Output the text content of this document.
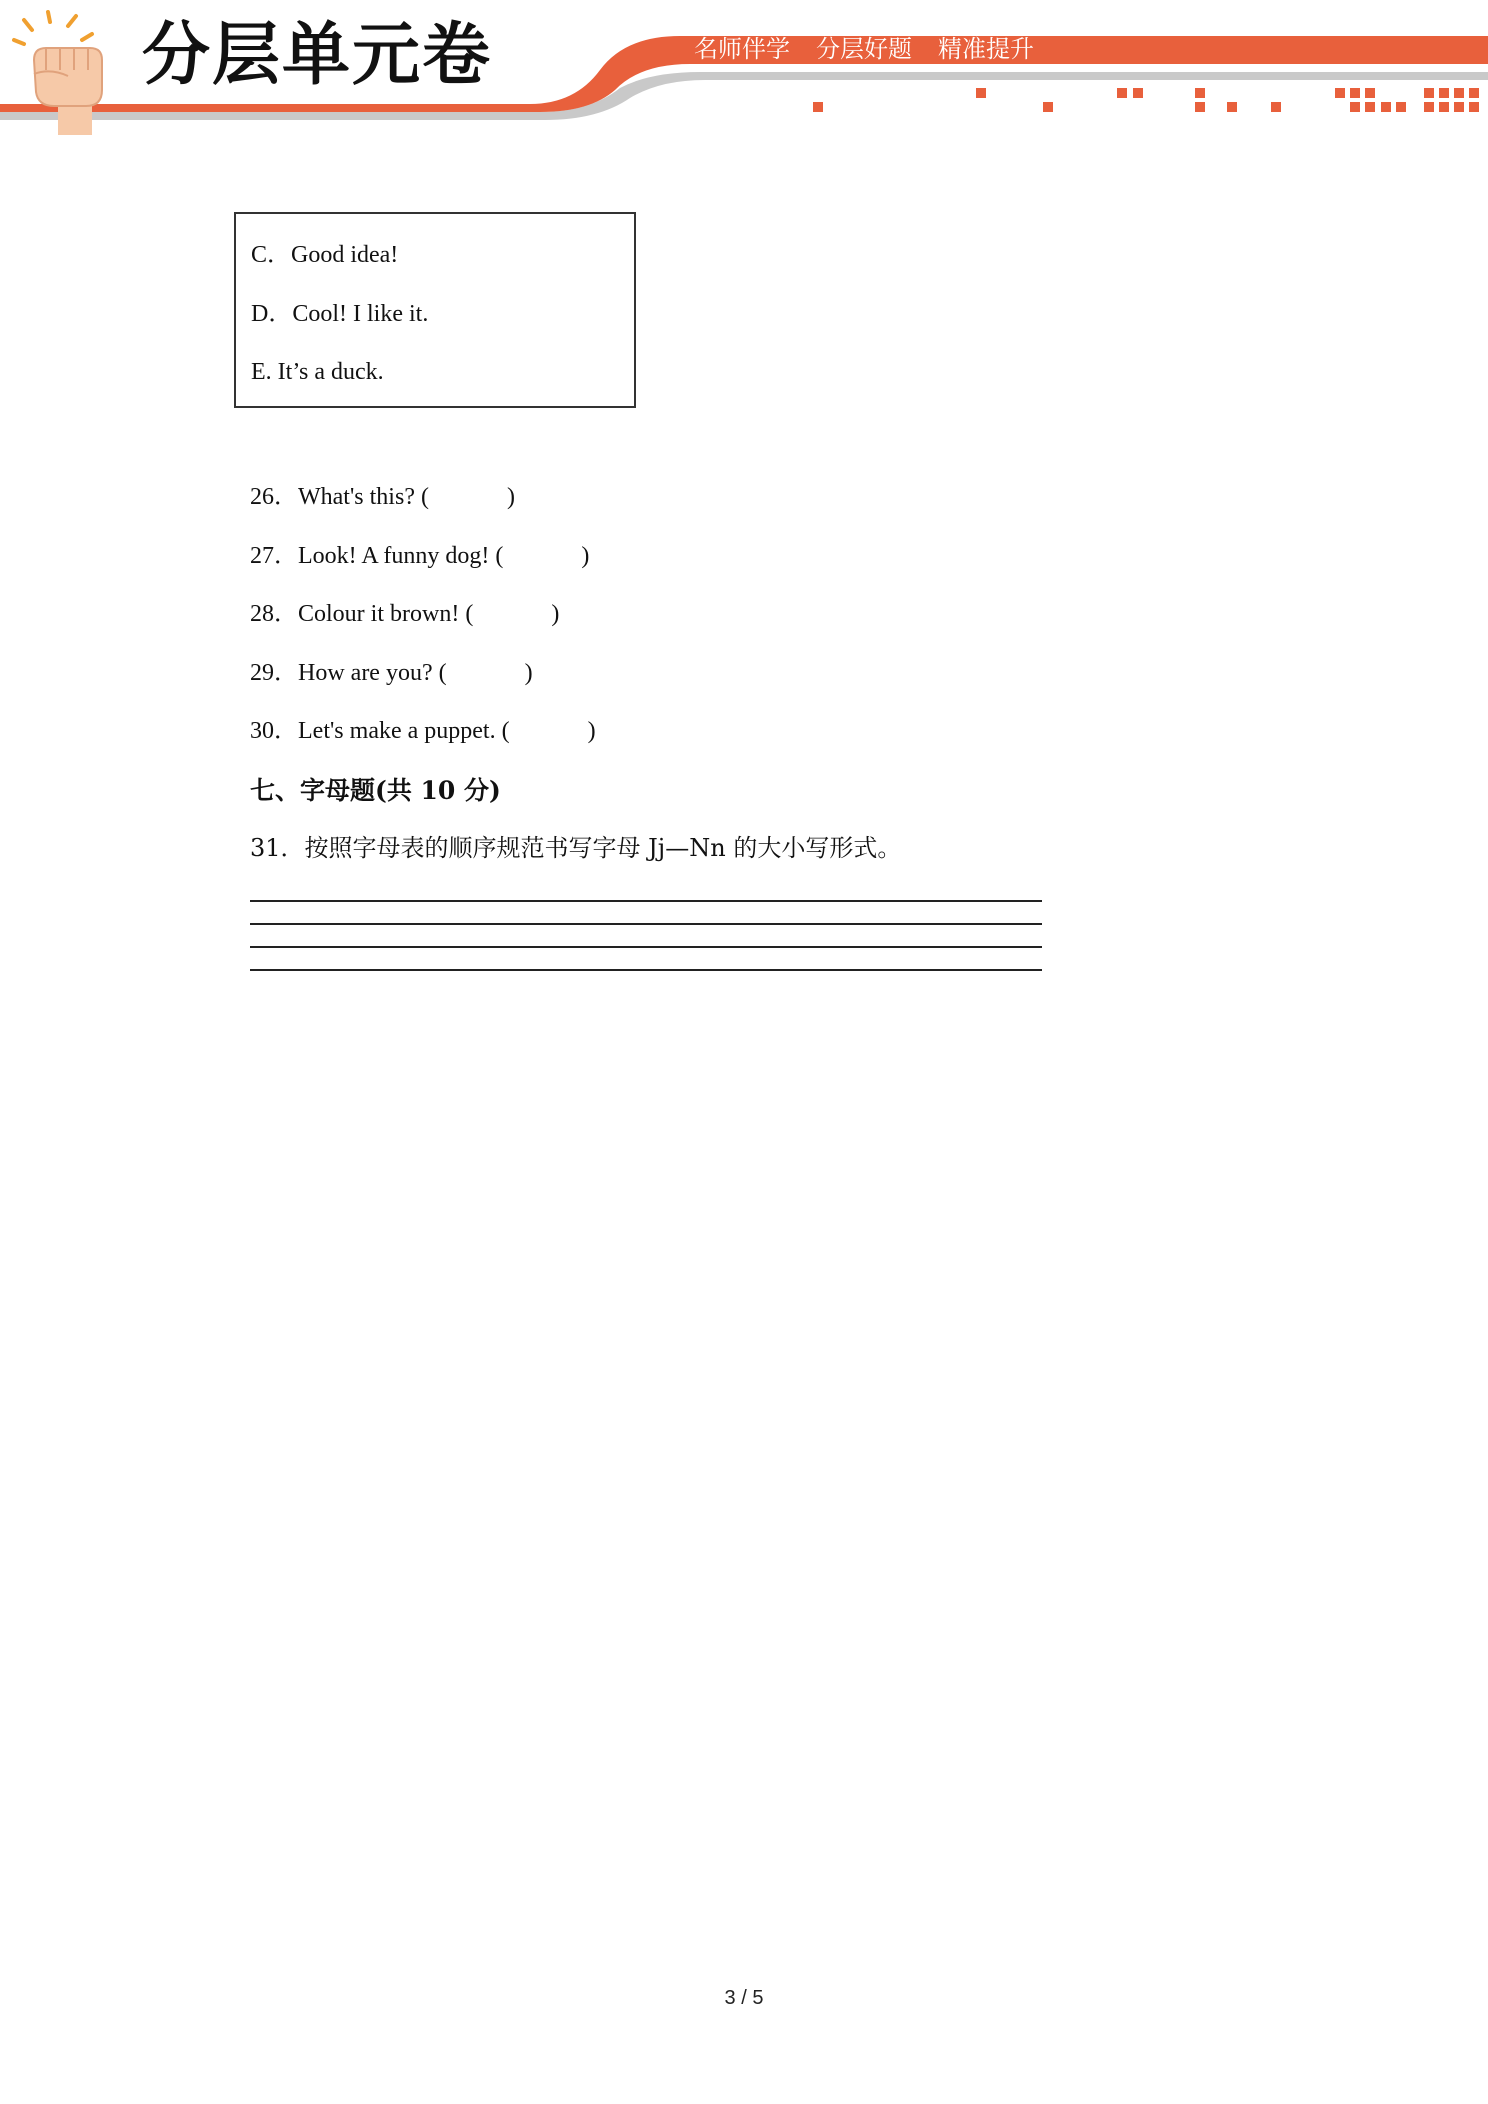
分层单元卷	名师伴学 分层好题 精准提升
C．Good idea!
D．Cool! I like it.
E. It’s a duck.
26．What's this? (	)
27．Look! A funny dog! (	)
28．Colour it brown! (	)
29．How are you? (	)
30．Let's make a puppet. (	)
七、字母题(共 10 分)
31．按照字母表的顺序规范书写字母 Jj—Nn 的大小写形式。
3 / 5
